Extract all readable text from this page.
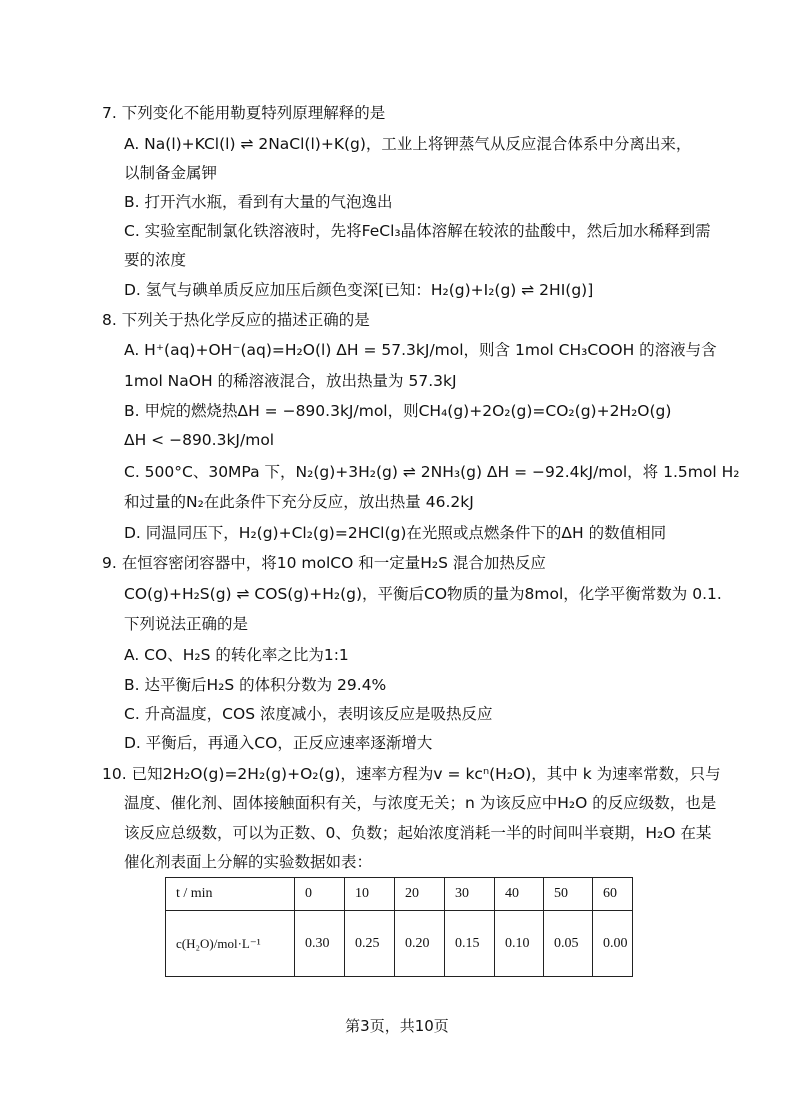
7. 下列变化不能用勒夏特列原理解释的是
A. Na(l)+KCl(l) ⇌ 2NaCl(l)+K(g)，工业上将钾蒸气从反应混合体系中分离出来，
以制备金属钾
B. 打开汽水瓶，看到有大量的气泡逸出
C. 实验室配制氯化铁溶液时，先将FeCl₃晶体溶解在较浓的盐酸中，然后加水稀释到需
要的浓度
D. 氢气与碘单质反应加压后颜色变深[已知：H₂(g)+I₂(g) ⇌ 2HI(g)]
8. 下列关于热化学反应的描述正确的是
A. H⁺(aq)+OH⁻(aq)=H₂O(l) ΔH = 57.3kJ/mol，则含 1mol CH₃COOH 的溶液与含
1mol NaOH 的稀溶液混合，放出热量为 57.3kJ
B. 甲烷的燃烧热ΔH = −890.3kJ/mol，则CH₄(g)+2O₂(g)=CO₂(g)+2H₂O(g)
ΔH < −890.3kJ/mol
C. 500°C、30MPa 下，N₂(g)+3H₂(g) ⇌ 2NH₃(g) ΔH = −92.4kJ/mol，将 1.5mol H₂
和过量的N₂在此条件下充分反应，放出热量 46.2kJ
D. 同温同压下，H₂(g)+Cl₂(g)=2HCl(g)在光照或点燃条件下的ΔH 的数值相同
9. 在恒容密闭容器中，将10 molCO 和一定量H₂S 混合加热反应
CO(g)+H₂S(g) ⇌ COS(g)+H₂(g)，平衡后CO物质的量为8mol，化学平衡常数为 0.1.
下列说法正确的是
A. CO、H₂S 的转化率之比为1:1
B. 达平衡后H₂S 的体积分数为 29.4%
C. 升高温度，COS 浓度减小，表明该反应是吸热反应
D. 平衡后，再通入CO，正反应速率逐渐增大
10. 已知2H₂O(g)=2H₂(g)+O₂(g)，速率方程为v = kcⁿ(H₂O)，其中 k 为速率常数，只与
温度、催化剂、固体接触面积有关，与浓度无关；n 为该反应中H₂O 的反应级数，也是
该反应总级数，可以为正数、0、负数；起始浓度消耗一半的时间叫半衰期，H₂O 在某
催化剂表面上分解的实验数据如表：
t / min	0	10	20	30	40	50	60
c(H₂O)/mol·L⁻¹	0.30	0.25	0.20	0.15	0.10	0.05	0.00
第3页，共10页
